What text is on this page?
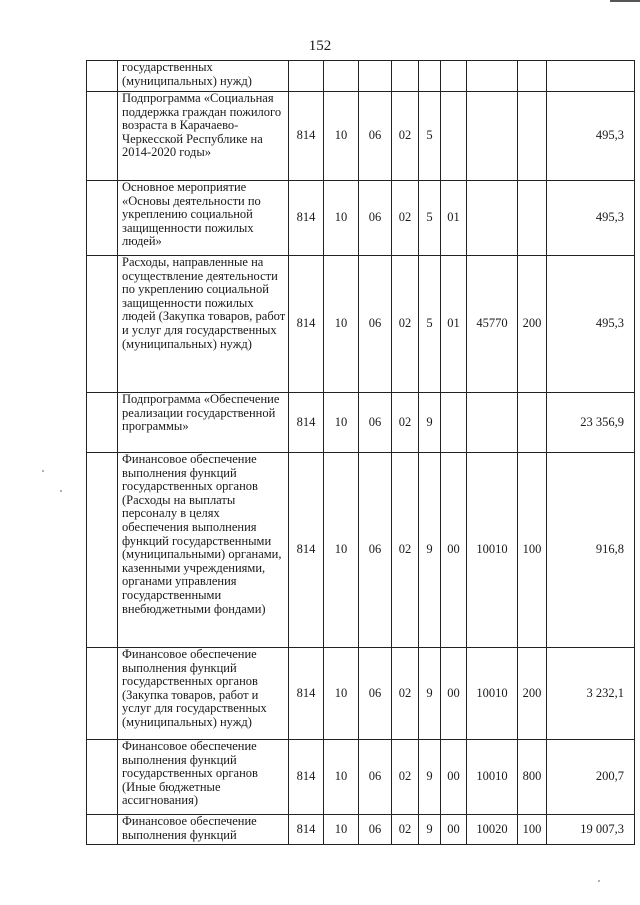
152
	государственных (муниципальных) нужд)									
	Подпрограмма «Социальная поддержка граждан пожилого возраста в Карачаево-Черкесской Республике на 2014-2020 годы»	814	10	06	02	5				495,3
	Основное мероприятие «Основы деятельности по укреплению социальной защищенности пожилых людей»	814	10	06	02	5	01			495,3
	Расходы, направленные на осуществление деятельности по укреплению социальной защищенности пожилых людей (Закупка товаров, работ и услуг для государственных (муниципальных) нужд)	814	10	06	02	5	01	45770	200	495,3
	Подпрограмма «Обеспечение реализации государственной программы»	814	10	06	02	9				23 356,9
	Финансовое обеспечение выполнения функций государственных органов (Расходы на выплаты персоналу в целях обеспечения выполнения функций государственными (муниципальными) органами, казенными учреждениями, органами управления государственными внебюджетными фондами)	814	10	06	02	9	00	10010	100	916,8
	Финансовое обеспечение выполнения функций государственных органов (Закупка товаров, работ и услуг для государственных (муниципальных) нужд)	814	10	06	02	9	00	10010	200	3 232,1
	Финансовое обеспечение выполнения функций государственных органов (Иные бюджетные ассигнования)	814	10	06	02	9	00	10010	800	200,7
	Финансовое обеспечение выполнения функций	814	10	06	02	9	00	10020	100	19 007,3
